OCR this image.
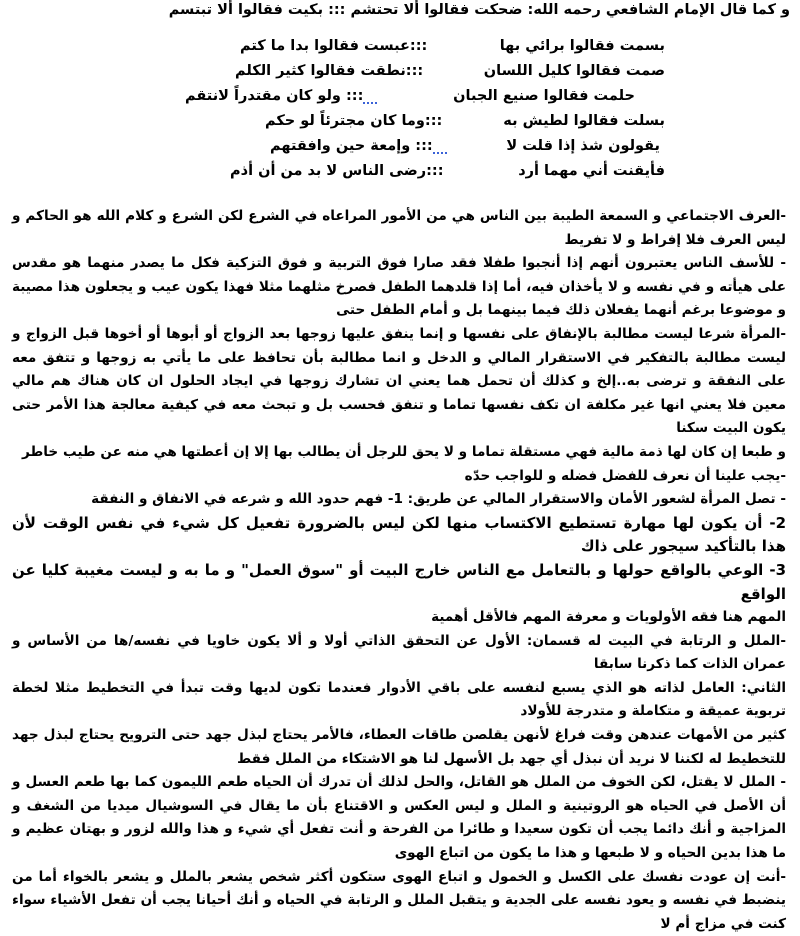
و كما قال الإمام الشافعي رحمه الله: ضحكت فقالوا ألا تحتشم ::: بكيت فقالوا ألا تبتسم
بسمت فقالوا برائي بها
:::عبست فقالوا بدا ما كتم
صمت فقالوا كليل اللسان
:::نطقت فقالوا كثير الكلم
حلمت فقالوا صنيع الجبان
::: ولو كان مقتدراً لانتقم
بسلت فقالوا لطيش به
:::وما كان مجترئاً لو حكم
يقولون شذ إذا قلت لا
::: وإمعة حين وافقتهم
فأيقنت أني مهما أرد
:::رضى الناس لا بد من أن أذم

-العرف الاجتماعي و السمعة الطيبة بين الناس هي من الأمور المراعاه في الشرع لكن الشرع و كلام الله هو الحاكم و ليس العرف فلا إفراط و لا تفريط

- للأسف الناس يعتبرون أنهم إذا أنجبوا طفلا فقد صارا فوق التربية و فوق التزكية فكل ما يصدر منهما هو مقدس على هيأته و في نفسه و لا يأخذان فيه، أما إذا قلدهما الطفل فصرخ مثلهما مثلا فهذا يكون عيب و يجعلون هذا مصيبة و موضوعا برغم أنهما يفعلان ذلك فيما بينهما بل و أمام الطفل حتى

-المرأة شرعا ليست مطالبة بالإنفاق على نفسها و إنما ينفق عليها زوجها بعد الزواج أو أبوها أو أخوها قبل الزواج و ليست مطالبة بالتفكير في الاستقرار المالي و الدخل و انما مطالبة بأن تحافظ على ما يأتي به زوجها و تتفق معه على النفقة و ترضى به..إلخ و كذلك أن تحمل هما يعني ان تشارك زوجها في ايجاد الحلول ان كان هناك هم مالي معين فلا يعني انها غير مكلفة ان تكف نفسها تماما و تنفق فحسب بل و تبحث معه في كيفية معالجة هذا الأمر حتى يكون البيت سكنا

و طبعا إن كان لها ذمة مالية فهي مستقلة تماما و لا يحق للرجل أن يطالب بها إلا إن أعطتها هي منه عن طيب خاطر

-يجب علينا أن نعرف للفضل فضله و للواجب حدّه

- تصل المرأة لشعور الأمان والاستقرار المالي عن طريق: 1- فهم حدود الله و شرعه في الانفاق و النفقة

2- أن يكون لها مهارة تستطيع الاكتساب منها لكن ليس بالضرورة تفعيل كل شيء في نفس الوقت لأن هذا بالتأكيد سيجور على ذاك

3- الوعي بالواقع حولها و بالتعامل مع الناس خارج البيت أو "سوق العمل" و ما به و ليست مغيبة كليا عن الواقع

المهم هنا فقه الأولويات و معرفة المهم فالأقل أهمية

-الملل و الرتابة في البيت له قسمان: الأول عن التحقق الذاتي أولا و ألا يكون خاويا في نفسه/ها من الأساس و عمران الذات كما ذكرنا سابقا

الثاني: العامل لذاته هو الذي يسبع لنفسه على باقي الأدوار فعندما تكون لديها وقت تبدأ في التخطيط مثلا لخطة تربوية عميقة و متكاملة و متدرجة للأولاد

كثير من الأمهات عندهن وقت فراغ لأنهن يقلصن طاقات العطاء، فالأمر يحتاج لبذل جهد حتى الترويح يحتاج لبذل جهد للتخطيط له لكننا لا نريد أن نبذل أي جهد بل الأسهل لنا هو الاشتكاء من الملل فقط

- الملل لا يقتل، لكن الخوف من الملل هو القاتل، والحل لذلك أن تدرك أن الحياه طعم الليمون كما بها طعم العسل و أن الأصل في الحياه هو الروتينية و الملل و ليس العكس و الاقتناع بأن ما يقال في السوشيال ميديا من الشغف و المزاجية و أنك دائما يجب أن تكون سعيدا و طائرا من الفرحة و أنت تفعل أي شيء و هذا والله لزور و بهتان عظيم و ما هذا بدين الحياه و لا طبعها و هذا ما يكون من اتباع الهوى

-أنت إن عودت نفسك على الكسل و الخمول و اتباع الهوى ستكون أكثر شخص يشعر بالملل و يشعر بالخواء أما من ينضبط في نفسه و يعود نفسه على الجدية و يتقبل الملل و الرتابة في الحياه و أنك أحيانا يجب أن تفعل الأشياء سواء كنت في مزاج أم لا
